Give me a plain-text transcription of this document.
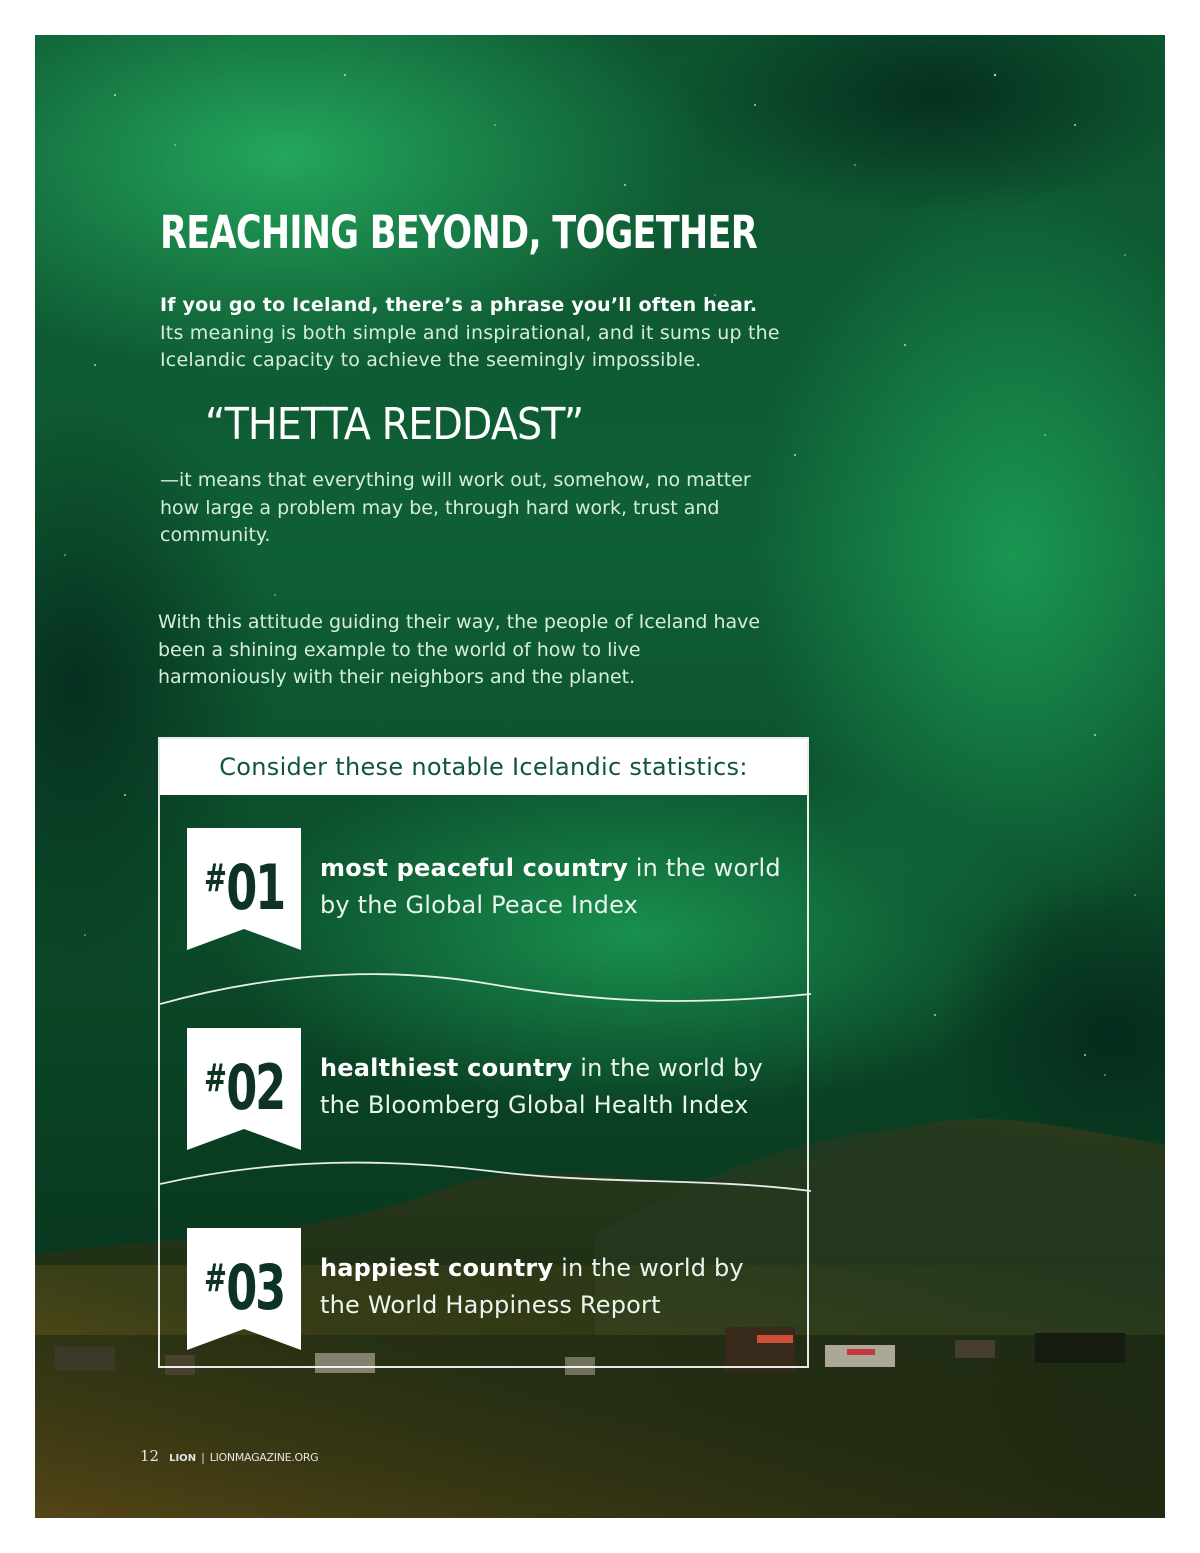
REACHING BEYOND, TOGETHER

If you go to Iceland, there’s a phrase you’ll often hear. Its meaning is both simple and inspirational, and it sums up the Icelandic capacity to achieve the seemingly impossible.

“THETTA REDDAST”

—it means that everything will work out, somehow, no matter how large a problem may be, through hard work, trust and community.

With this attitude guiding their way, the people of Iceland have been a shining example to the world of how to live harmoniously with their neighbors and the planet.

Consider these notable Icelandic statistics:
#01 most peaceful country in the world by the Global Peace Index

#02 healthiest country in the world by the Bloomberg Global Health Index

#03 happiest country in the world by the World Happiness Report

12 LION | LIONMAGAZINE.ORG
